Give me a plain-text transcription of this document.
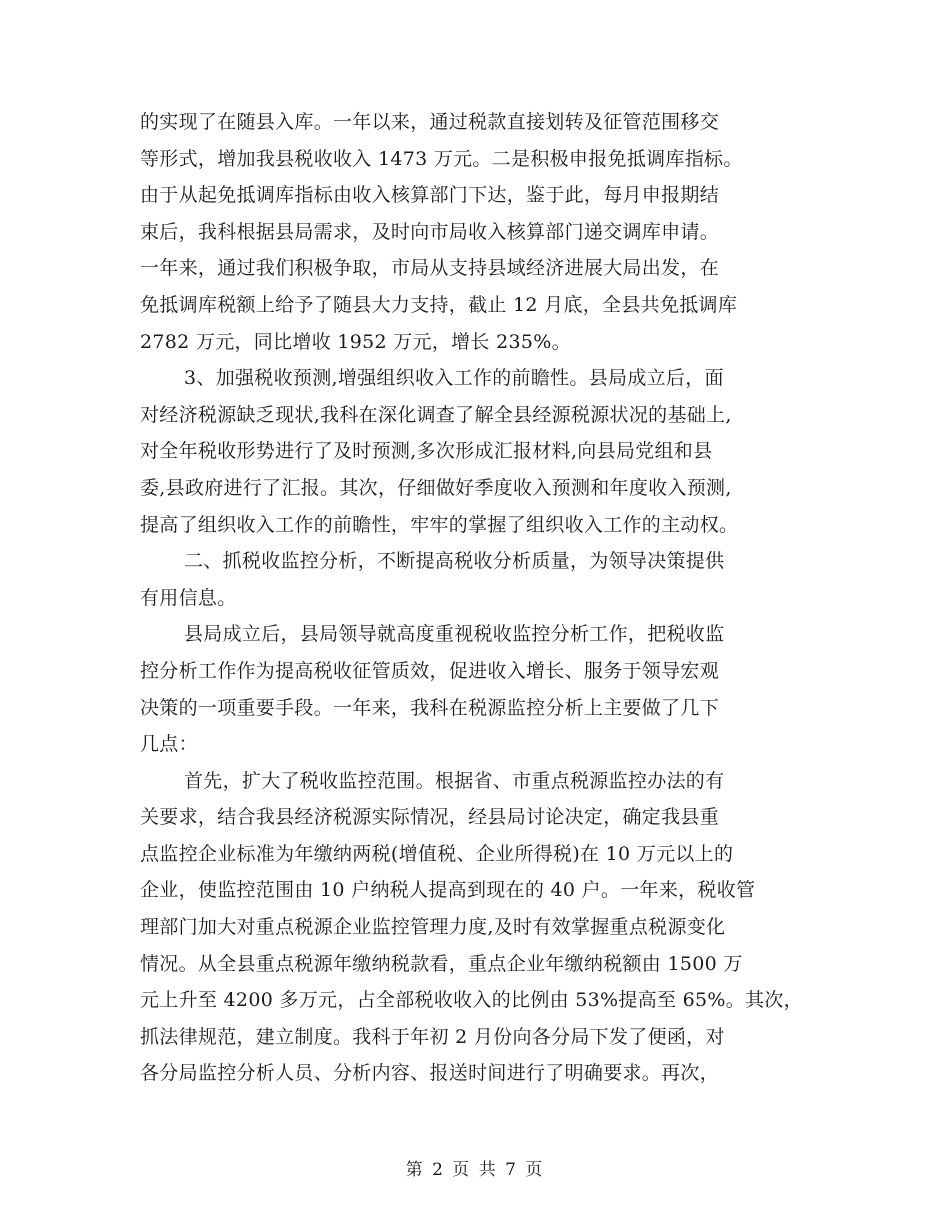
的实现了在随县入库。一年以来，通过税款直接划转及征管范围移交
等形式，增加我县税收收入 1473 万元。二是积极申报免抵调库指标。
由于从起免抵调库指标由收入核算部门下达，鉴于此，每月申报期结
束后，我科根据县局需求，及时向市局收入核算部门递交调库申请。
一年来，通过我们积极争取，市局从支持县域经济进展大局出发，在
免抵调库税额上给予了随县大力支持，截止 12 月底，全县共免抵调库
2782 万元，同比增收 1952 万元，增长 235%。
3、加强税收预测,增强组织收入工作的前瞻性。县局成立后，面
对经济税源缺乏现状,我科在深化调查了解全县经源税源状况的基础上,
对全年税收形势进行了及时预测,多次形成汇报材料,向县局党组和县
委,县政府进行了汇报。其次，仔细做好季度收入预测和年度收入预测,
提高了组织收入工作的前瞻性，牢牢的掌握了组织收入工作的主动权。
二、抓税收监控分析，不断提高税收分析质量，为领导决策提供
有用信息。
县局成立后，县局领导就高度重视税收监控分析工作，把税收监
控分析工作作为提高税收征管质效，促进收入增长、服务于领导宏观
决策的一项重要手段。一年来，我科在税源监控分析上主要做了几下
几点：
首先，扩大了税收监控范围。根据省、市重点税源监控办法的有
关要求，结合我县经济税源实际情况，经县局讨论决定，确定我县重
点监控企业标准为年缴纳两税(增值税、企业所得税)在 10 万元以上的
企业，使监控范围由 10 户纳税人提高到现在的 40 户。一年来，税收管
理部门加大对重点税源企业监控管理力度,及时有效掌握重点税源变化
情况。从全县重点税源年缴纳税款看，重点企业年缴纳税额由 1500 万
元上升至 4200 多万元，占全部税收收入的比例由 53%提高至 65%。其次，
抓法律规范，建立制度。我科于年初 2 月份向各分局下发了便函，对
各分局监控分析人员、分析内容、报送时间进行了明确要求。再次，
第 2 页 共 7 页
